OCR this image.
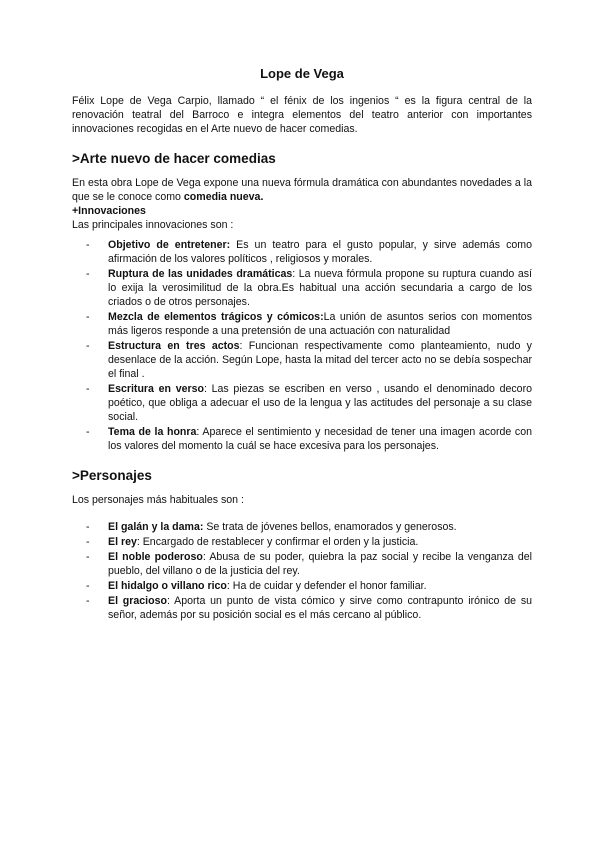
Lope de Vega

Félix Lope de Vega Carpio, llamado “ el fénix de los ingenios “ es la figura central de la renovación teatral del Barroco e integra elementos del teatro anterior con importantes innovaciones recogidas en el Arte nuevo de hacer comedias.

>Arte nuevo de hacer comedias

En esta obra Lope de Vega expone una nueva fórmula dramática con abundantes novedades a la que se le conoce como comedia nueva.

+Innovaciones

Las principales innovaciones son :

- Objetivo de entretener: Es un teatro para el gusto popular, y sirve además como afirmación de los valores políticos , religiosos y morales.
- Ruptura de las unidades dramáticas: La nueva fórmula propone su ruptura cuando así lo exija la verosimilitud de la obra.Es habitual una acción secundaria a cargo de los criados o de otros personajes.
- Mezcla de elementos trágicos y cómicos:La unión de asuntos serios con momentos más ligeros responde a una pretensión de una actuación con naturalidad
- Estructura en tres actos: Funcionan respectivamente como planteamiento, nudo y desenlace de la acción. Según Lope, hasta la mitad del tercer acto no se debía sospechar el final .
- Escritura en verso: Las piezas se escriben en verso , usando el denominado decoro poético, que obliga a adecuar el uso de la lengua y las actitudes del personaje a su clase social.
- Tema de la honra: Aparece el sentimiento y necesidad de tener una imagen acorde con los valores del momento la cuál se hace excesiva para los personajes.
>Personajes

Los personajes más habituales son :

- El galán y la dama: Se trata de jóvenes bellos, enamorados y generosos.
- El rey: Encargado de restablecer y confirmar el orden y la justicia.
- El noble poderoso: Abusa de su poder, quiebra la paz social y recibe la venganza del pueblo, del villano o de la justicia del rey.
- El hidalgo o villano rico: Ha de cuidar y defender el honor familiar.
- El gracioso: Aporta un punto de vista cómico y sirve como contrapunto irónico de su señor, además por su posición social es el más cercano al público.
